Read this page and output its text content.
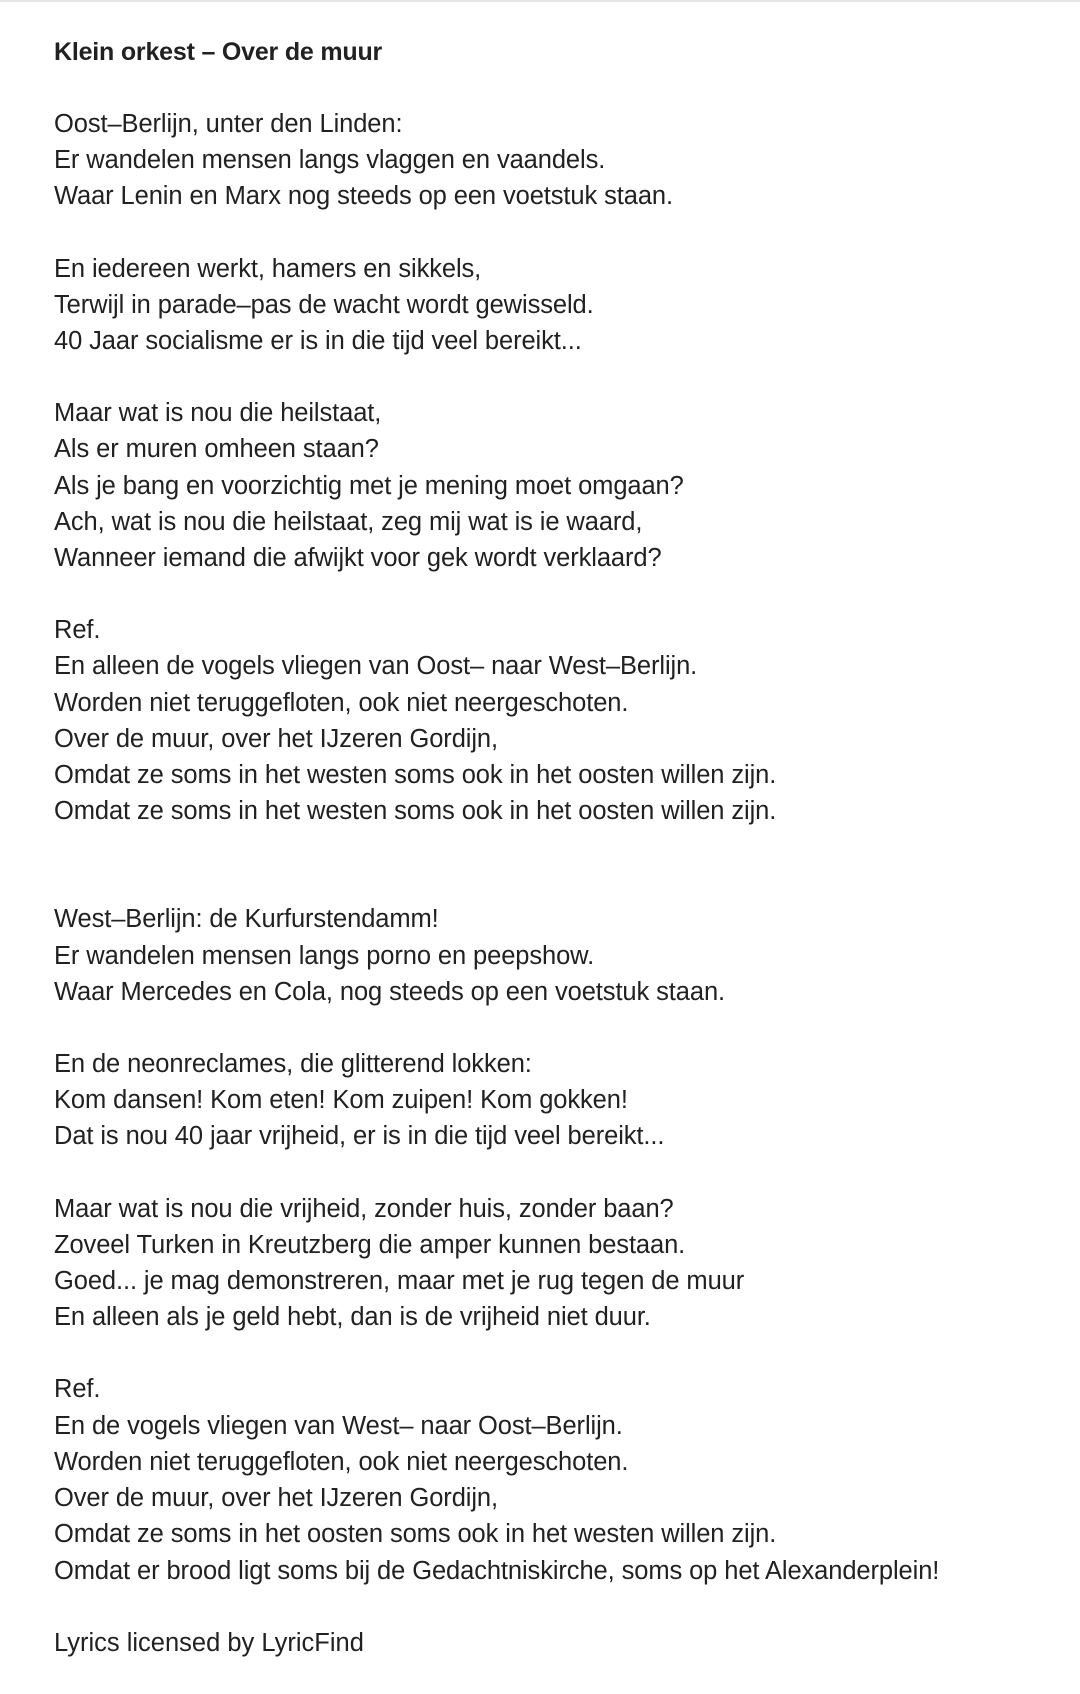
Klein orkest – Over de muur
Oost–Berlijn, unter den Linden:
Er wandelen mensen langs vlaggen en vaandels.
Waar Lenin en Marx nog steeds op een voetstuk staan.
En iedereen werkt, hamers en sikkels,
Terwijl in parade–pas de wacht wordt gewisseld.
40 Jaar socialisme er is in die tijd veel bereikt...
Maar wat is nou die heilstaat,
Als er muren omheen staan?
Als je bang en voorzichtig met je mening moet omgaan?
Ach, wat is nou die heilstaat, zeg mij wat is ie waard,
Wanneer iemand die afwijkt voor gek wordt verklaard?
Ref.
En alleen de vogels vliegen van Oost– naar West–Berlijn.
Worden niet teruggefloten, ook niet neergeschoten.
Over de muur, over het IJzeren Gordijn,
Omdat ze soms in het westen soms ook in het oosten willen zijn.
Omdat ze soms in het westen soms ook in het oosten willen zijn.
West–Berlijn: de Kurfurstendamm!
Er wandelen mensen langs porno en peepshow.
Waar Mercedes en Cola, nog steeds op een voetstuk staan.
En de neonreclames, die glitterend lokken:
Kom dansen! Kom eten! Kom zuipen! Kom gokken!
Dat is nou 40 jaar vrijheid, er is in die tijd veel bereikt...
Maar wat is nou die vrijheid, zonder huis, zonder baan?
Zoveel Turken in Kreutzberg die amper kunnen bestaan.
Goed... je mag demonstreren, maar met je rug tegen de muur
En alleen als je geld hebt, dan is de vrijheid niet duur.
Ref.
En de vogels vliegen van West– naar Oost–Berlijn.
Worden niet teruggefloten, ook niet neergeschoten.
Over de muur, over het IJzeren Gordijn,
Omdat ze soms in het oosten soms ook in het westen willen zijn.
Omdat er brood ligt soms bij de Gedachtniskirche, soms op het Alexanderplein!
Lyrics licensed by LyricFind
